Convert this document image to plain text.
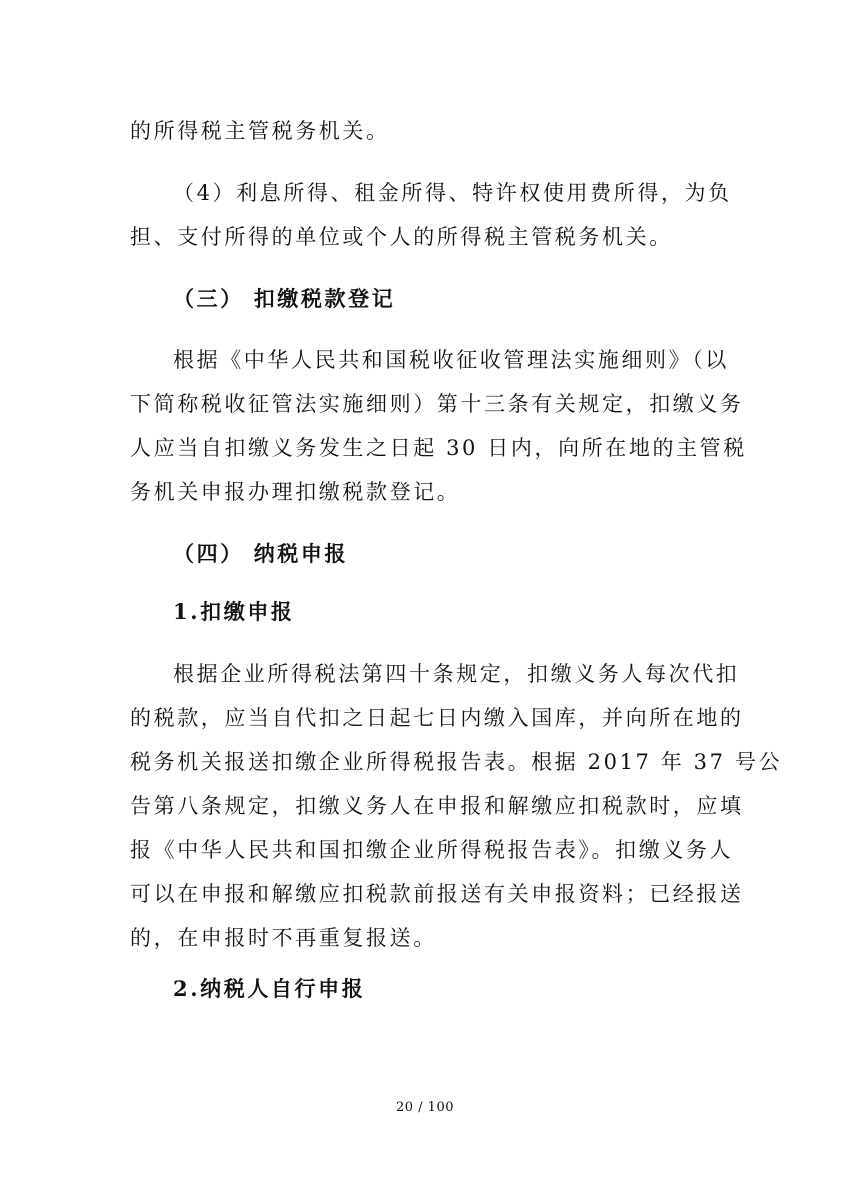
的所得税主管税务机关。
（4）利息所得、租金所得、特许权使用费所得，为负
担、支付所得的单位或个人的所得税主管税务机关。
（三） 扣缴税款登记
根据《中华人民共和国税收征收管理法实施细则》（以
下简称税收征管法实施细则）第十三条有关规定，扣缴义务
人应当自扣缴义务发生之日起 30 日内，向所在地的主管税
务机关申报办理扣缴税款登记。
（四） 纳税申报
1.扣缴申报
根据企业所得税法第四十条规定，扣缴义务人每次代扣
的税款，应当自代扣之日起七日内缴入国库，并向所在地的
税务机关报送扣缴企业所得税报告表。根据 2017 年 37 号公
告第八条规定，扣缴义务人在申报和解缴应扣税款时，应填
报《中华人民共和国扣缴企业所得税报告表》。扣缴义务人
可以在申报和解缴应扣税款前报送有关申报资料；已经报送
的，在申报时不再重复报送。
2.纳税人自行申报
20 / 100
